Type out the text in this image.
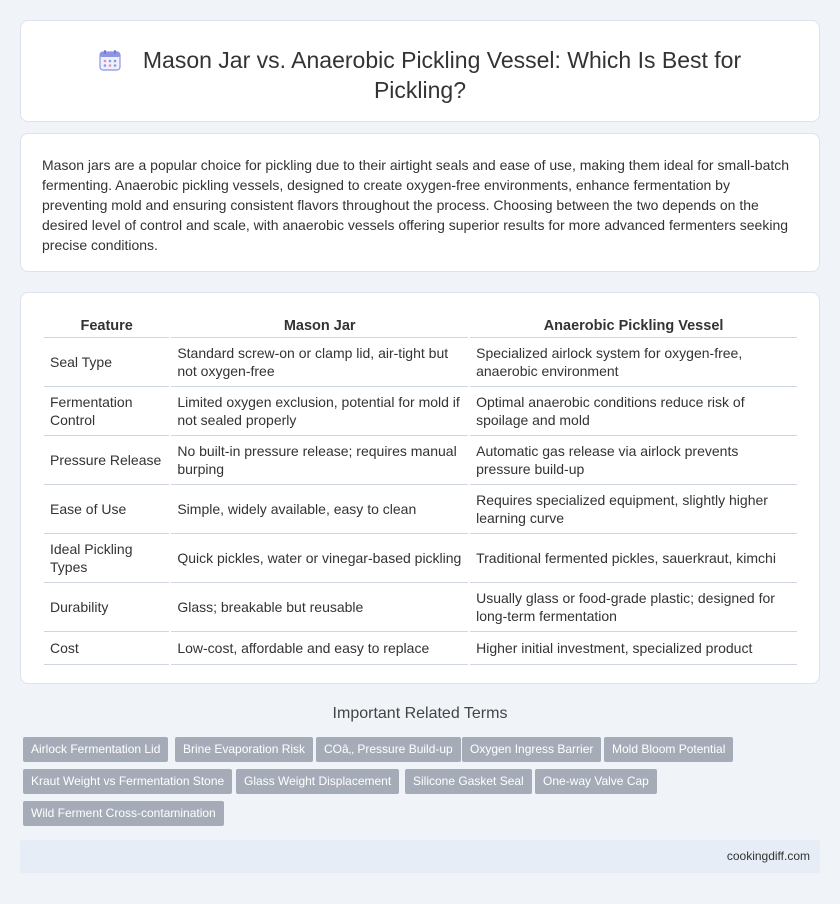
Mason Jar vs. Anaerobic Pickling Vessel: Which Is Best for Pickling?

Mason jars are a popular choice for pickling due to their airtight seals and ease of use, making them ideal for small-batch fermenting. Anaerobic pickling vessels, designed to create oxygen-free environments, enhance fermentation by preventing mold and ensuring consistent flavors throughout the process. Choosing between the two depends on the desired level of control and scale, with anaerobic vessels offering superior results for more advanced fermenters seeking precise conditions.

Feature	Mason Jar	Anaerobic Pickling Vessel
Seal Type	Standard screw-on or clamp lid, air-tight but not oxygen-free	Specialized airlock system for oxygen-free, anaerobic environment
Fermentation Control	Limited oxygen exclusion, potential for mold if not sealed properly	Optimal anaerobic conditions reduce risk of spoilage and mold
Pressure Release	No built-in pressure release; requires manual burping	Automatic gas release via airlock prevents pressure build-up
Ease of Use	Simple, widely available, easy to clean	Requires specialized equipment, slightly higher learning curve
Ideal Pickling Types	Quick pickles, water or vinegar-based pickling	Traditional fermented pickles, sauerkraut, kimchi
Durability	Glass; breakable but reusable	Usually glass or food-grade plastic; designed for long-term fermentation
Cost	Low-cost, affordable and easy to replace	Higher initial investment, specialized product
Important Related Terms
Airlock Fermentation Lid	Brine Evaporation Risk	COâ‚‚ Pressure Build-up	Oxygen Ingress Barrier	Mold Bloom Potential
Kraut Weight vs Fermentation Stone	Glass Weight Displacement	Silicone Gasket Seal	One-way Valve Cap
Wild Ferment Cross-contamination
cookingdiff.com
